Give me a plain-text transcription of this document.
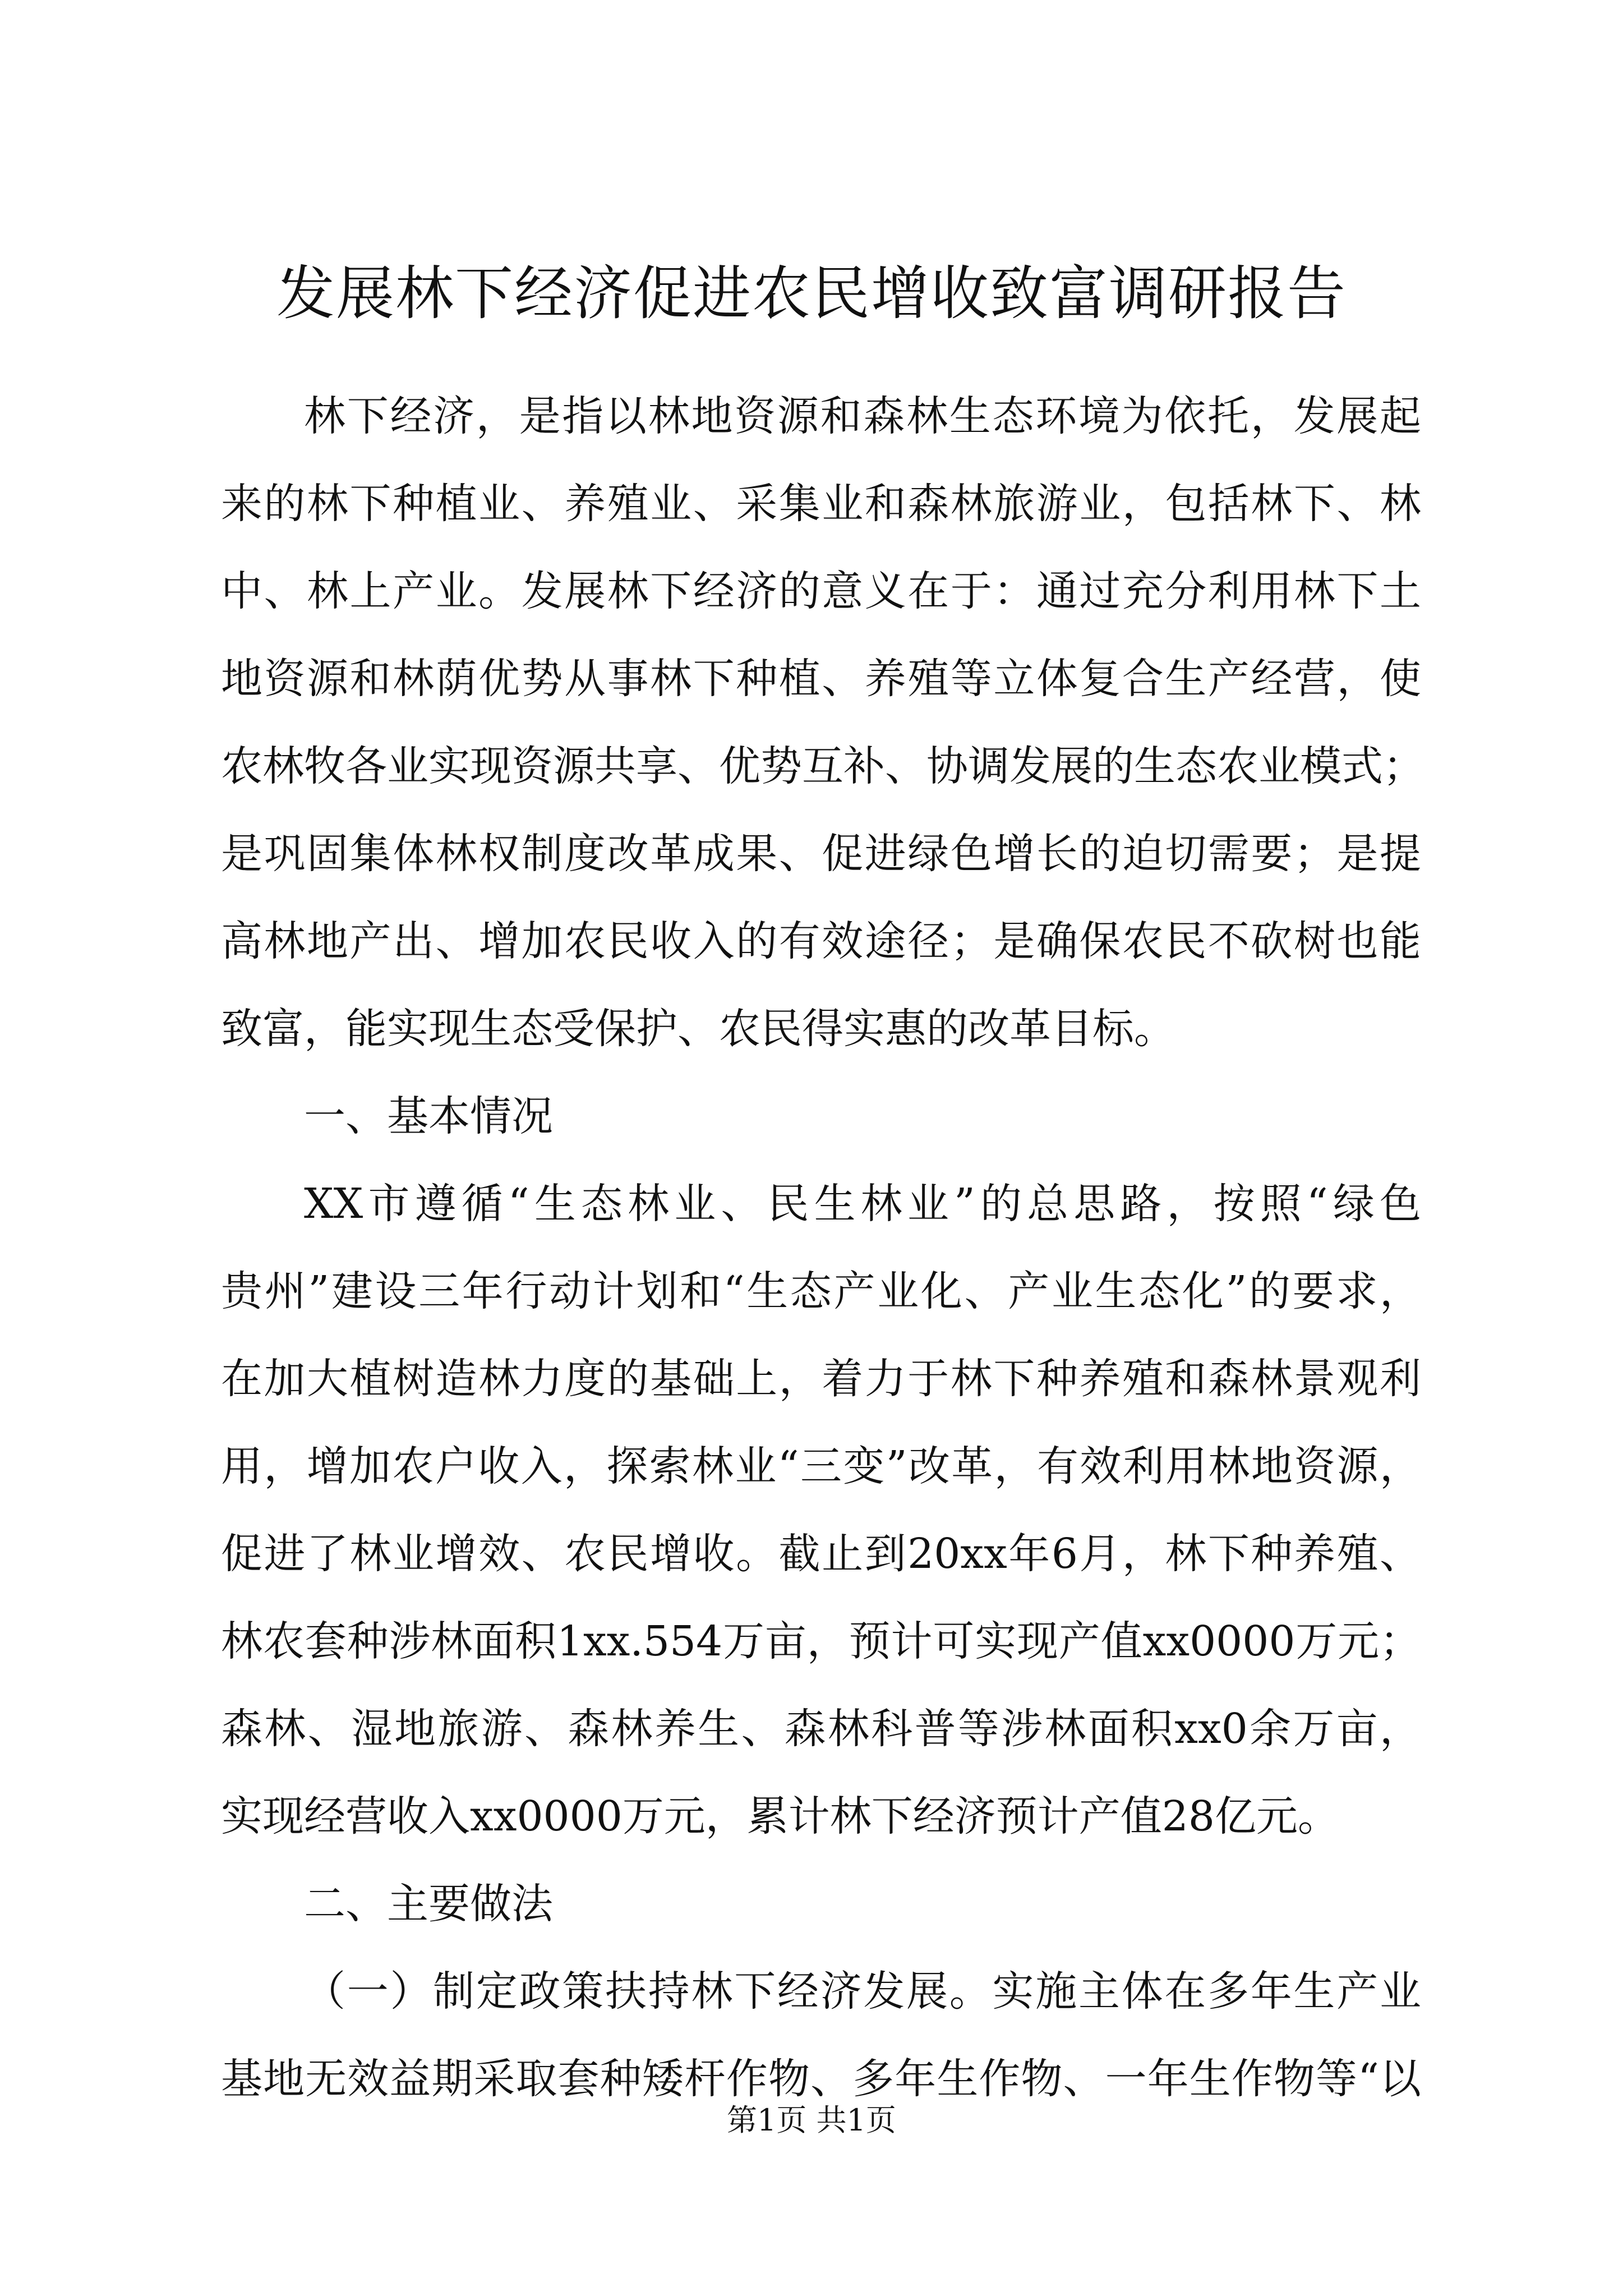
发展林下经济促进农民增收致富调研报告

林下经济，是指以林地资源和森林生态环境为依托，发展起

来的林下种植业、养殖业、采集业和森林旅游业，包括林下、林

中、林上产业。发展林下经济的意义在于：通过充分利用林下土

地资源和林荫优势从事林下种植、养殖等立体复合生产经营，使

农林牧各业实现资源共享、优势互补、协调发展的生态农业模式；

是巩固集体林权制度改革成果、促进绿色增长的迫切需要；是提

高林地产出、增加农民收入的有效途径；是确保农民不砍树也能

致富，能实现生态受保护、农民得实惠的改革目标。

一、基本情况

XX市遵循“生态林业、民生林业”的总思路，按照“绿色

贵州”建设三年行动计划和“生态产业化、产业生态化”的要求，

在加大植树造林力度的基础上，着力于林下种养殖和森林景观利

用，增加农户收入，探索林业“三变”改革，有效利用林地资源，

促进了林业增效、农民增收。截止到20xx年6月，林下种养殖、

林农套种涉林面积1xx.554万亩，预计可实现产值xx0000万元；

森林、湿地旅游、森林养生、森林科普等涉林面积xx0余万亩，

实现经营收入xx0000万元，累计林下经济预计产值28亿元。

二、主要做法

（一）制定政策扶持林下经济发展。实施主体在多年生产业

基地无效益期采取套种矮杆作物、多年生作物、一年生作物等“以

第1页 共1页
